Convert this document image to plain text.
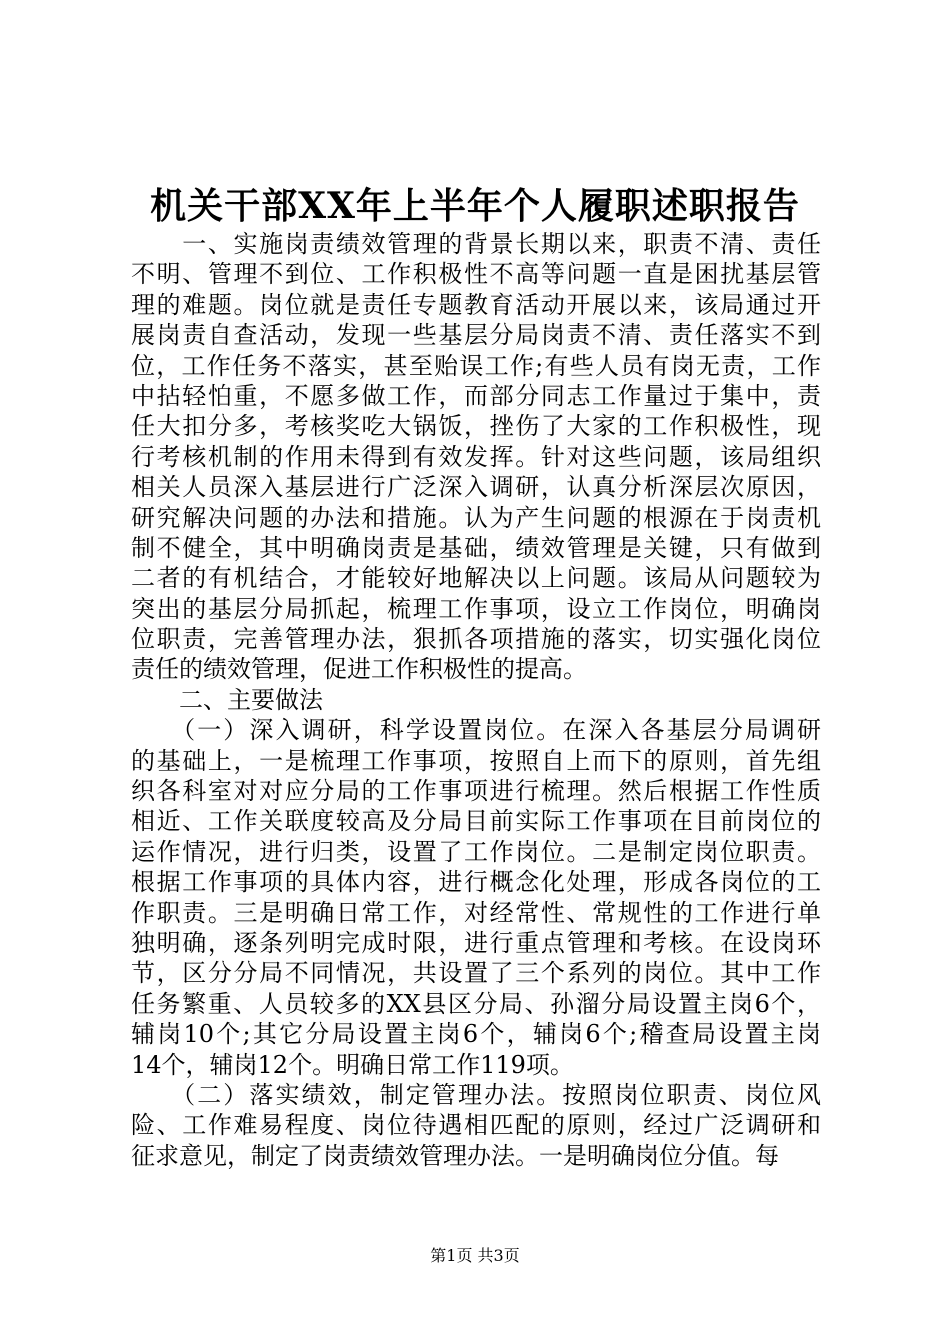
机关干部XX年上半年个人履职述职报告
　　一、实施岗责绩效管理的背景长期以来，职责不清、责任
不明、管理不到位、工作积极性不高等问题一直是困扰基层管
理的难题。岗位就是责任专题教育活动开展以来，该局通过开
展岗责自查活动，发现一些基层分局岗责不清、责任落实不到
位，工作任务不落实，甚至贻误工作;有些人员有岗无责，工作
中拈轻怕重，不愿多做工作，而部分同志工作量过于集中，责
任大扣分多，考核奖吃大锅饭，挫伤了大家的工作积极性，现
行考核机制的作用未得到有效发挥。针对这些问题，该局组织
相关人员深入基层进行广泛深入调研，认真分析深层次原因，
研究解决问题的办法和措施。认为产生问题的根源在于岗责机
制不健全，其中明确岗责是基础，绩效管理是关键，只有做到
二者的有机结合，才能较好地解决以上问题。该局从问题较为
突出的基层分局抓起，梳理工作事项，设立工作岗位，明确岗
位职责，完善管理办法，狠抓各项措施的落实，切实强化岗位
责任的绩效管理，促进工作积极性的提高。
　　二、主要做法
　　（一）深入调研，科学设置岗位。在深入各基层分局调研
的基础上，一是梳理工作事项，按照自上而下的原则，首先组
织各科室对对应分局的工作事项进行梳理。然后根据工作性质
相近、工作关联度较高及分局目前实际工作事项在目前岗位的
运作情况，进行归类，设置了工作岗位。二是制定岗位职责。
根据工作事项的具体内容，进行概念化处理，形成各岗位的工
作职责。三是明确日常工作，对经常性、常规性的工作进行单
独明确，逐条列明完成时限，进行重点管理和考核。在设岗环
节，区分分局不同情况，共设置了三个系列的岗位。其中工作
任务繁重、人员较多的XX县区分局、孙溜分局设置主岗6个，
辅岗10个;其它分局设置主岗6个，辅岗6个;稽查局设置主岗
14个，辅岗12个。明确日常工作119项。
　　（二）落实绩效，制定管理办法。按照岗位职责、岗位风
险、工作难易程度、岗位待遇相匹配的原则，经过广泛调研和
征求意见，制定了岗责绩效管理办法。一是明确岗位分值。每
第1页 共3页
